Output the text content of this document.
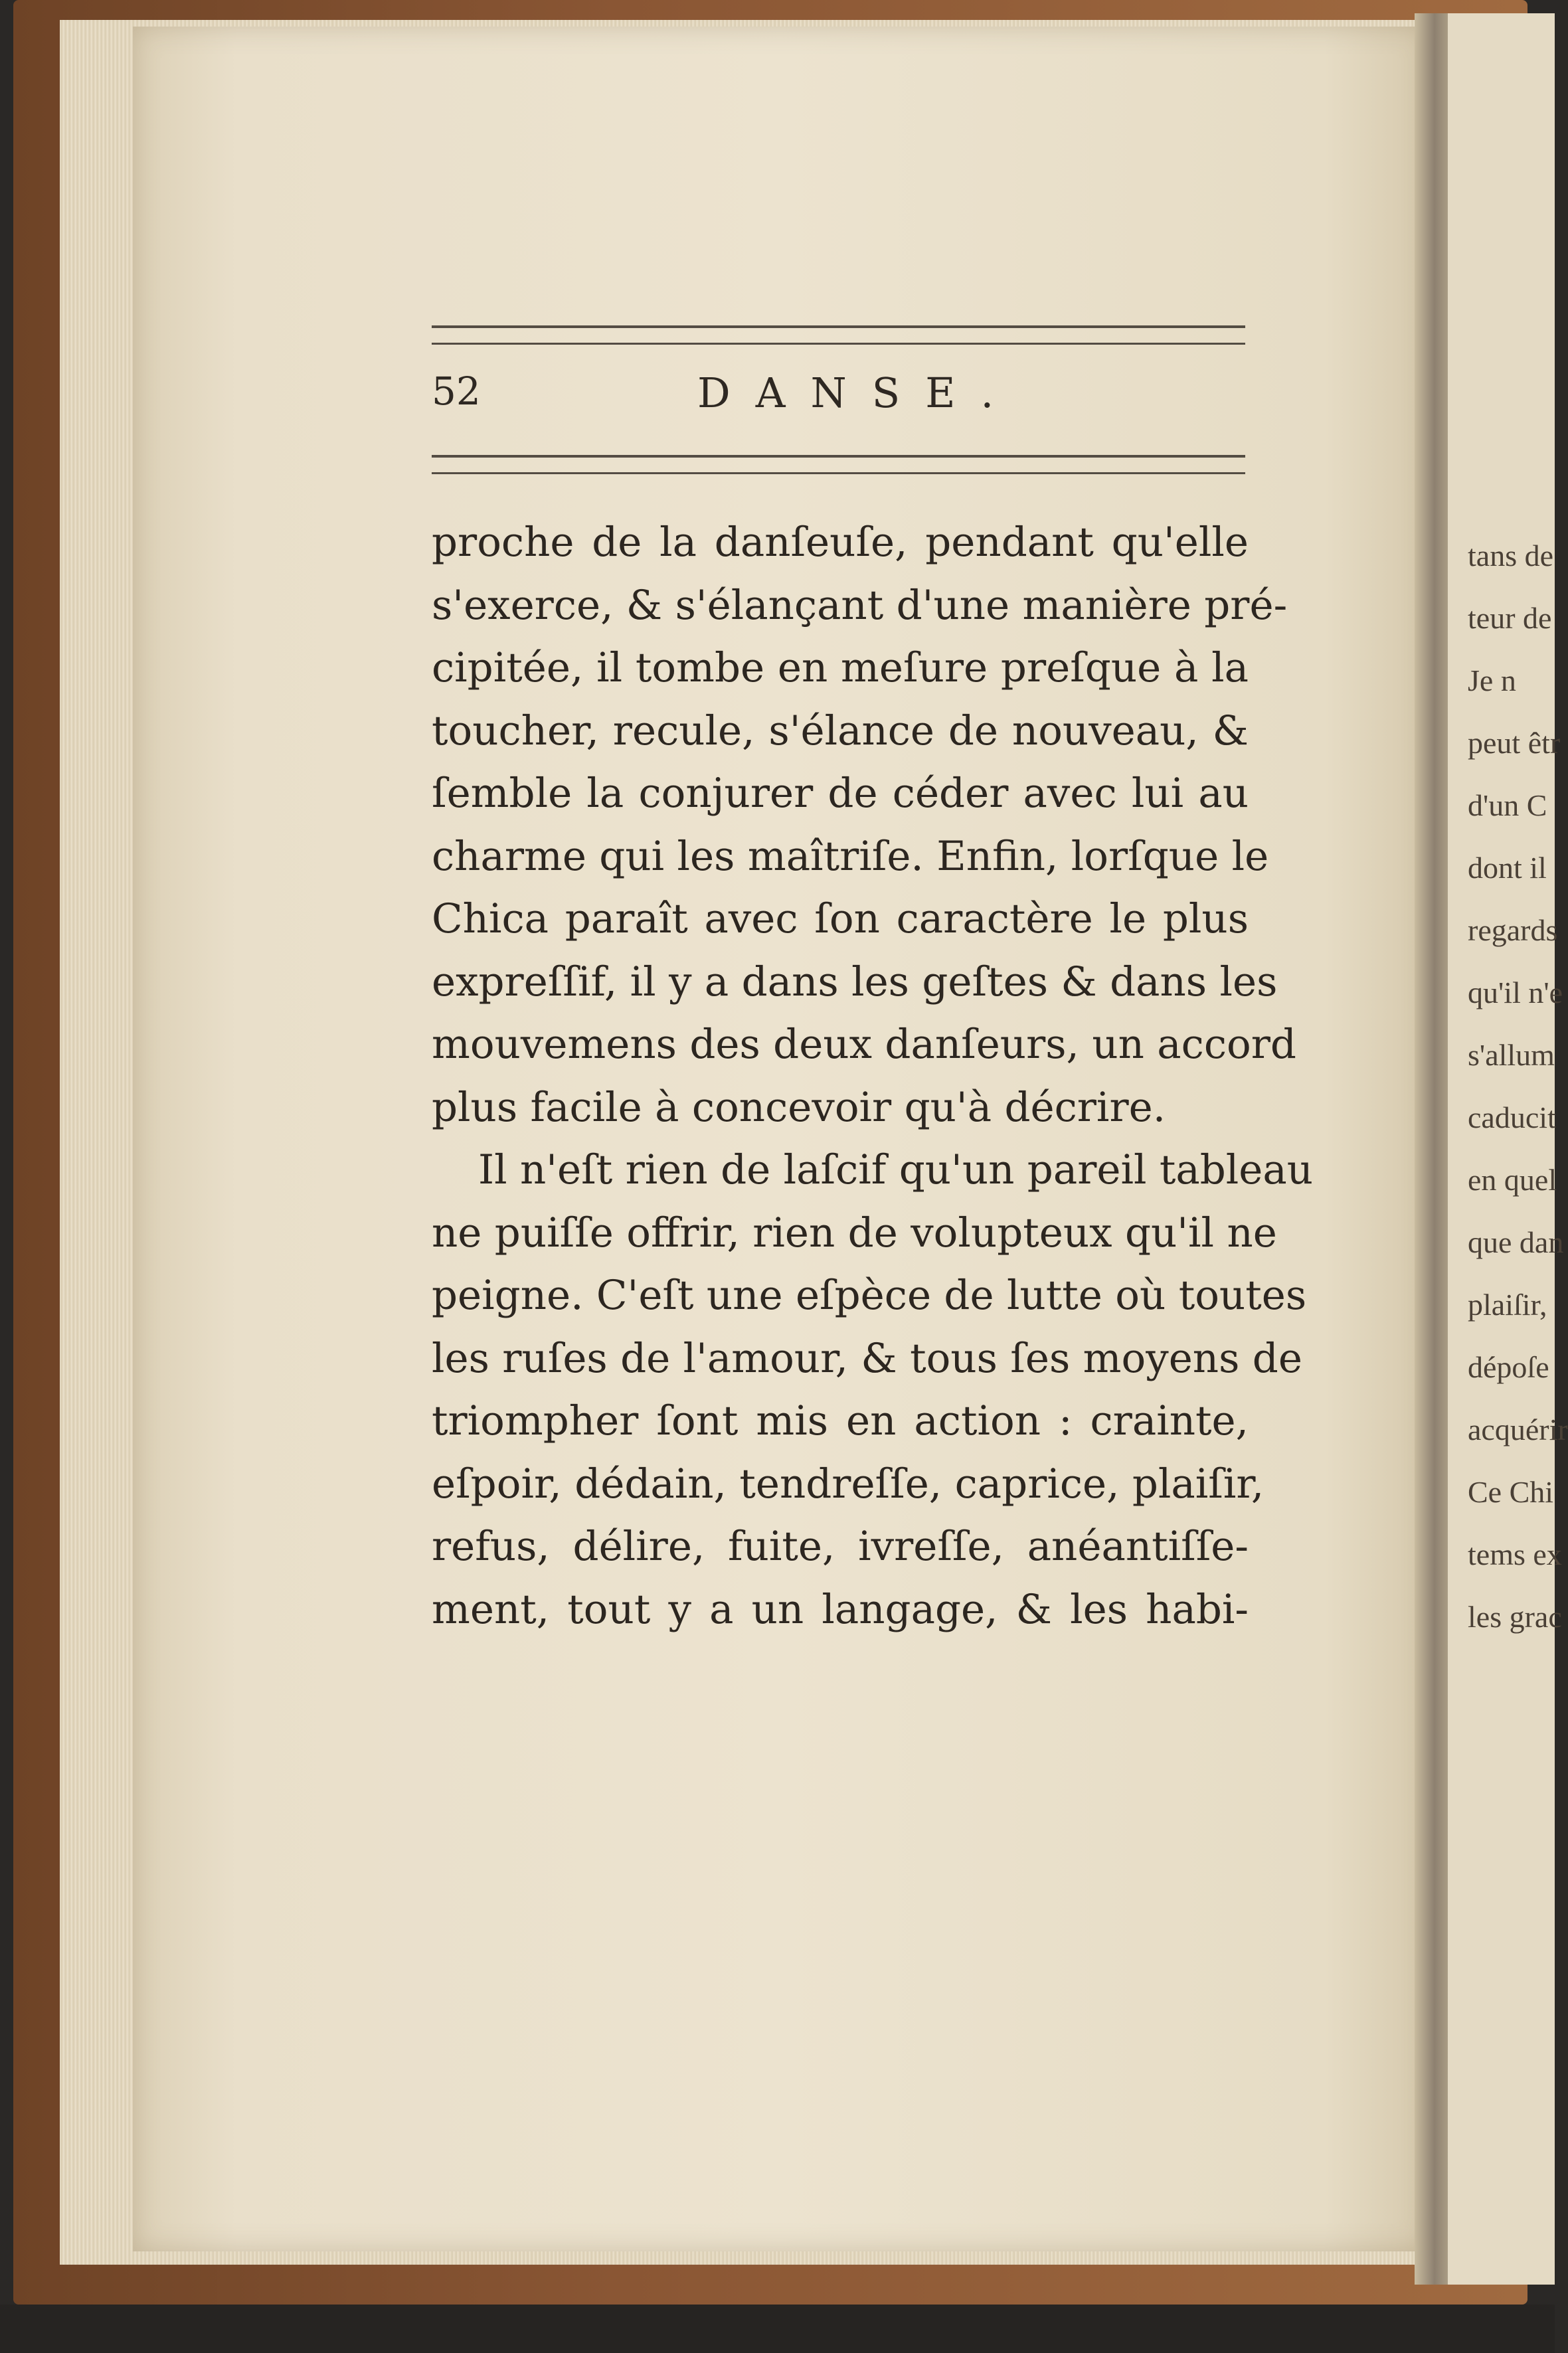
tans de
teur de
Je n
peut êtr
d'un C
dont il
regards
qu'il n'e
s'allum
caducit
en quel
que dan
plaiſir,
dépoſe
acquérir
Ce Chi
tems ex
les grac
52	DANSE.
proche de la danſeuſe, pendant qu'elle
s'exerce, & s'élançant d'une manière pré-
cipitée, il tombe en meſure preſque à la
toucher, recule, s'élance de nouveau, &
ſemble la conjurer de céder avec lui au
charme qui les maîtriſe. Enfin, lorſque le
Chica paraît avec ſon caractère le plus
expreſſif, il y a dans les geſtes & dans les
mouvemens des deux danſeurs, un accord
plus facile à concevoir qu'à décrire.
Il n'eſt rien de laſcif qu'un pareil tableau
ne puiſſe offrir, rien de volupteux qu'il ne
peigne. C'eſt une eſpèce de lutte où toutes
les ruſes de l'amour, & tous ſes moyens de
triompher ſont mis en action : crainte,
eſpoir, dédain, tendreſſe, caprice, plaiſir,
refus, délire, fuite, ivreſſe, anéantiſſe-
ment, tout y a un langage, & les habi-
